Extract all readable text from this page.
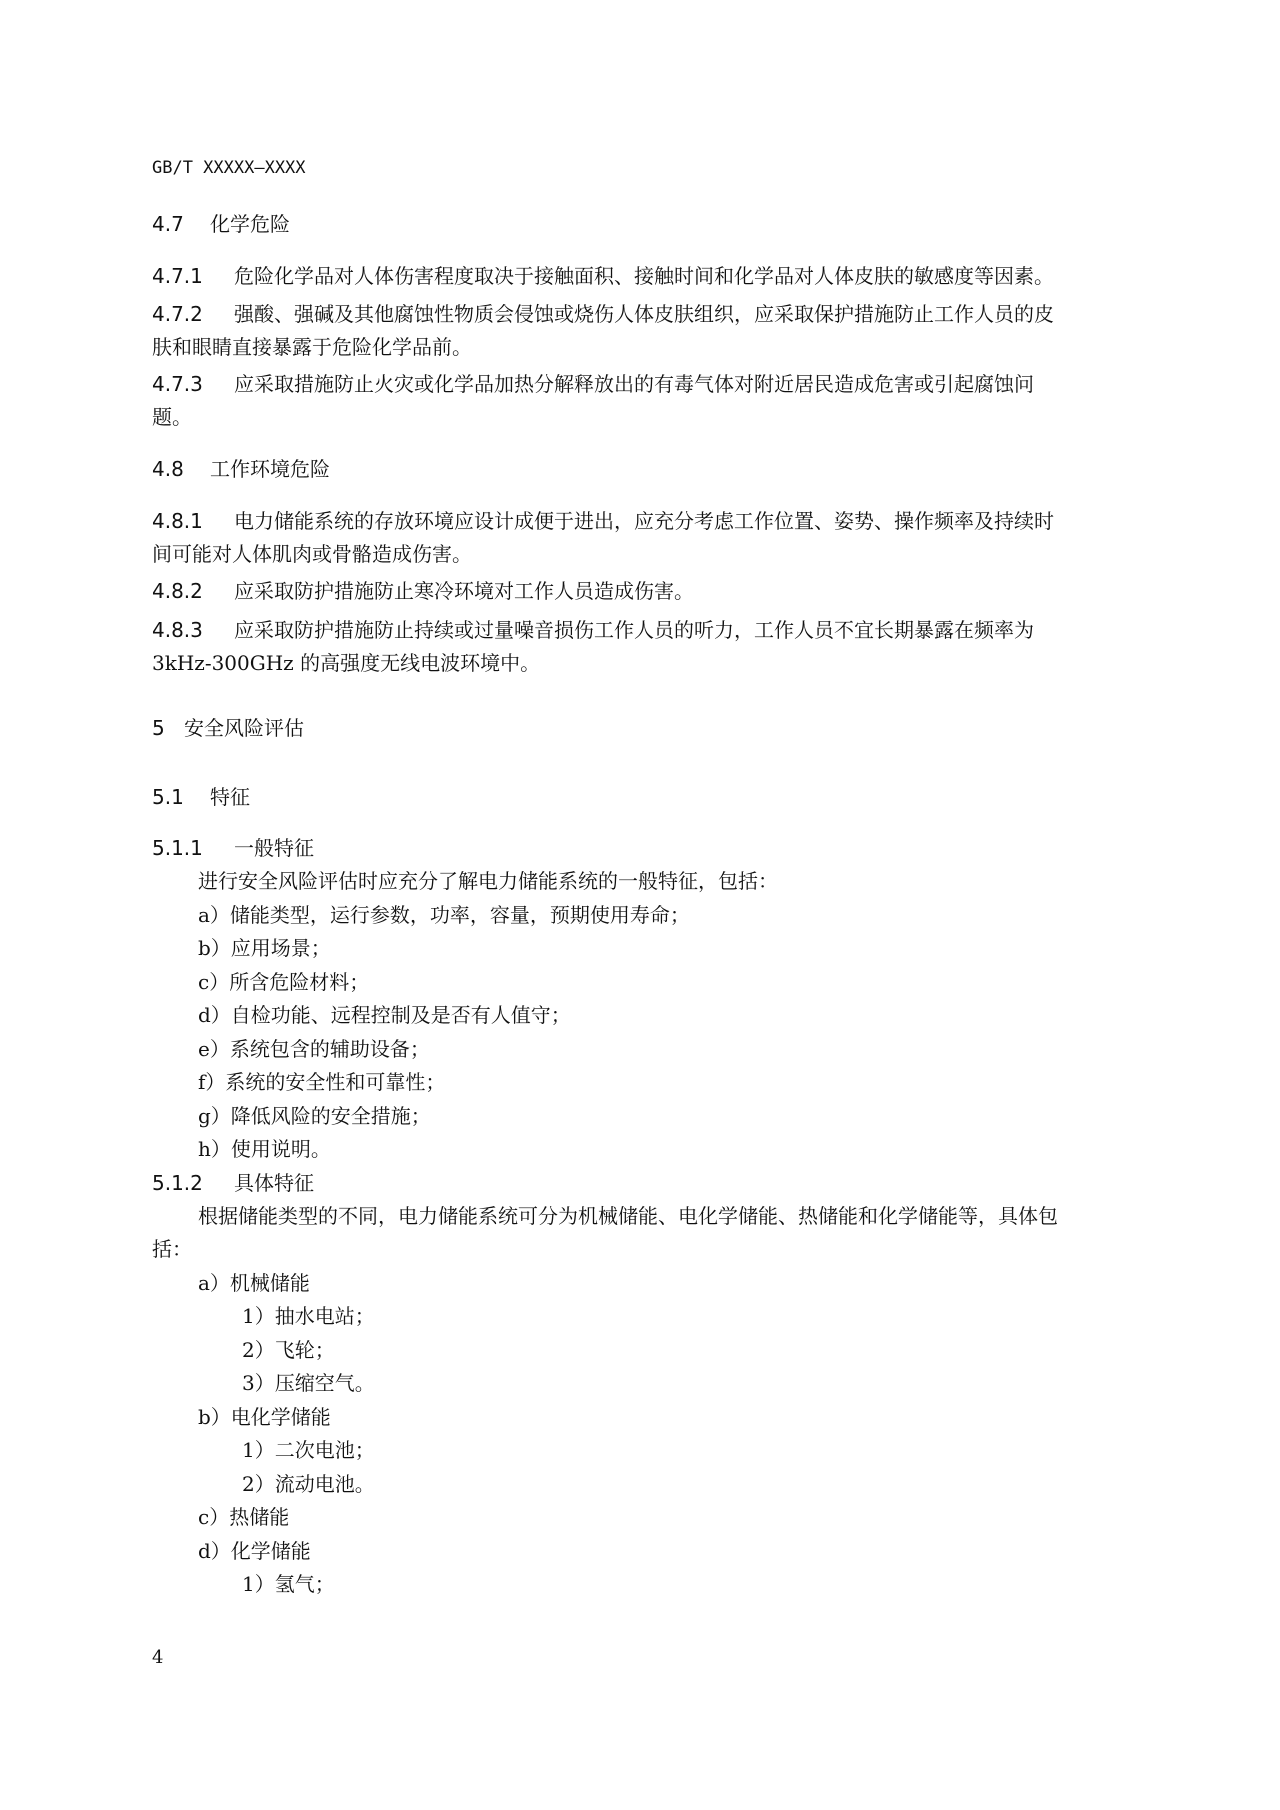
GB/T XXXXX—XXXX
4.7 化学危险
4.7.1 危险化学品对人体伤害程度取决于接触面积、接触时间和化学品对人体皮肤的敏感度等因素。
4.7.2 强酸、强碱及其他腐蚀性物质会侵蚀或烧伤人体皮肤组织，应采取保护措施防止工作人员的皮
肤和眼睛直接暴露于危险化学品前。
4.7.3 应采取措施防止火灾或化学品加热分解释放出的有毒气体对附近居民造成危害或引起腐蚀问
题。
4.8 工作环境危险
4.8.1 电力储能系统的存放环境应设计成便于进出，应充分考虑工作位置、姿势、操作频率及持续时
间可能对人体肌肉或骨骼造成伤害。
4.8.2 应采取防护措施防止寒冷环境对工作人员造成伤害。
4.8.3 应采取防护措施防止持续或过量噪音损伤工作人员的听力，工作人员不宜长期暴露在频率为
3kHz-300GHz 的高强度无线电波环境中。
5 安全风险评估
5.1 特征
5.1.1 一般特征
进行安全风险评估时应充分了解电力储能系统的一般特征，包括：
a）储能类型，运行参数，功率，容量，预期使用寿命；
b）应用场景；
c）所含危险材料；
d）自检功能、远程控制及是否有人值守；
e）系统包含的辅助设备；
f）系统的安全性和可靠性；
g）降低风险的安全措施；
h）使用说明。
5.1.2 具体特征
根据储能类型的不同，电力储能系统可分为机械储能、电化学储能、热储能和化学储能等，具体包
括：
a）机械储能
1）抽水电站；
2）飞轮；
3）压缩空气。
b）电化学储能
1）二次电池；
2）流动电池。
c）热储能
d）化学储能
1）氢气；
4
